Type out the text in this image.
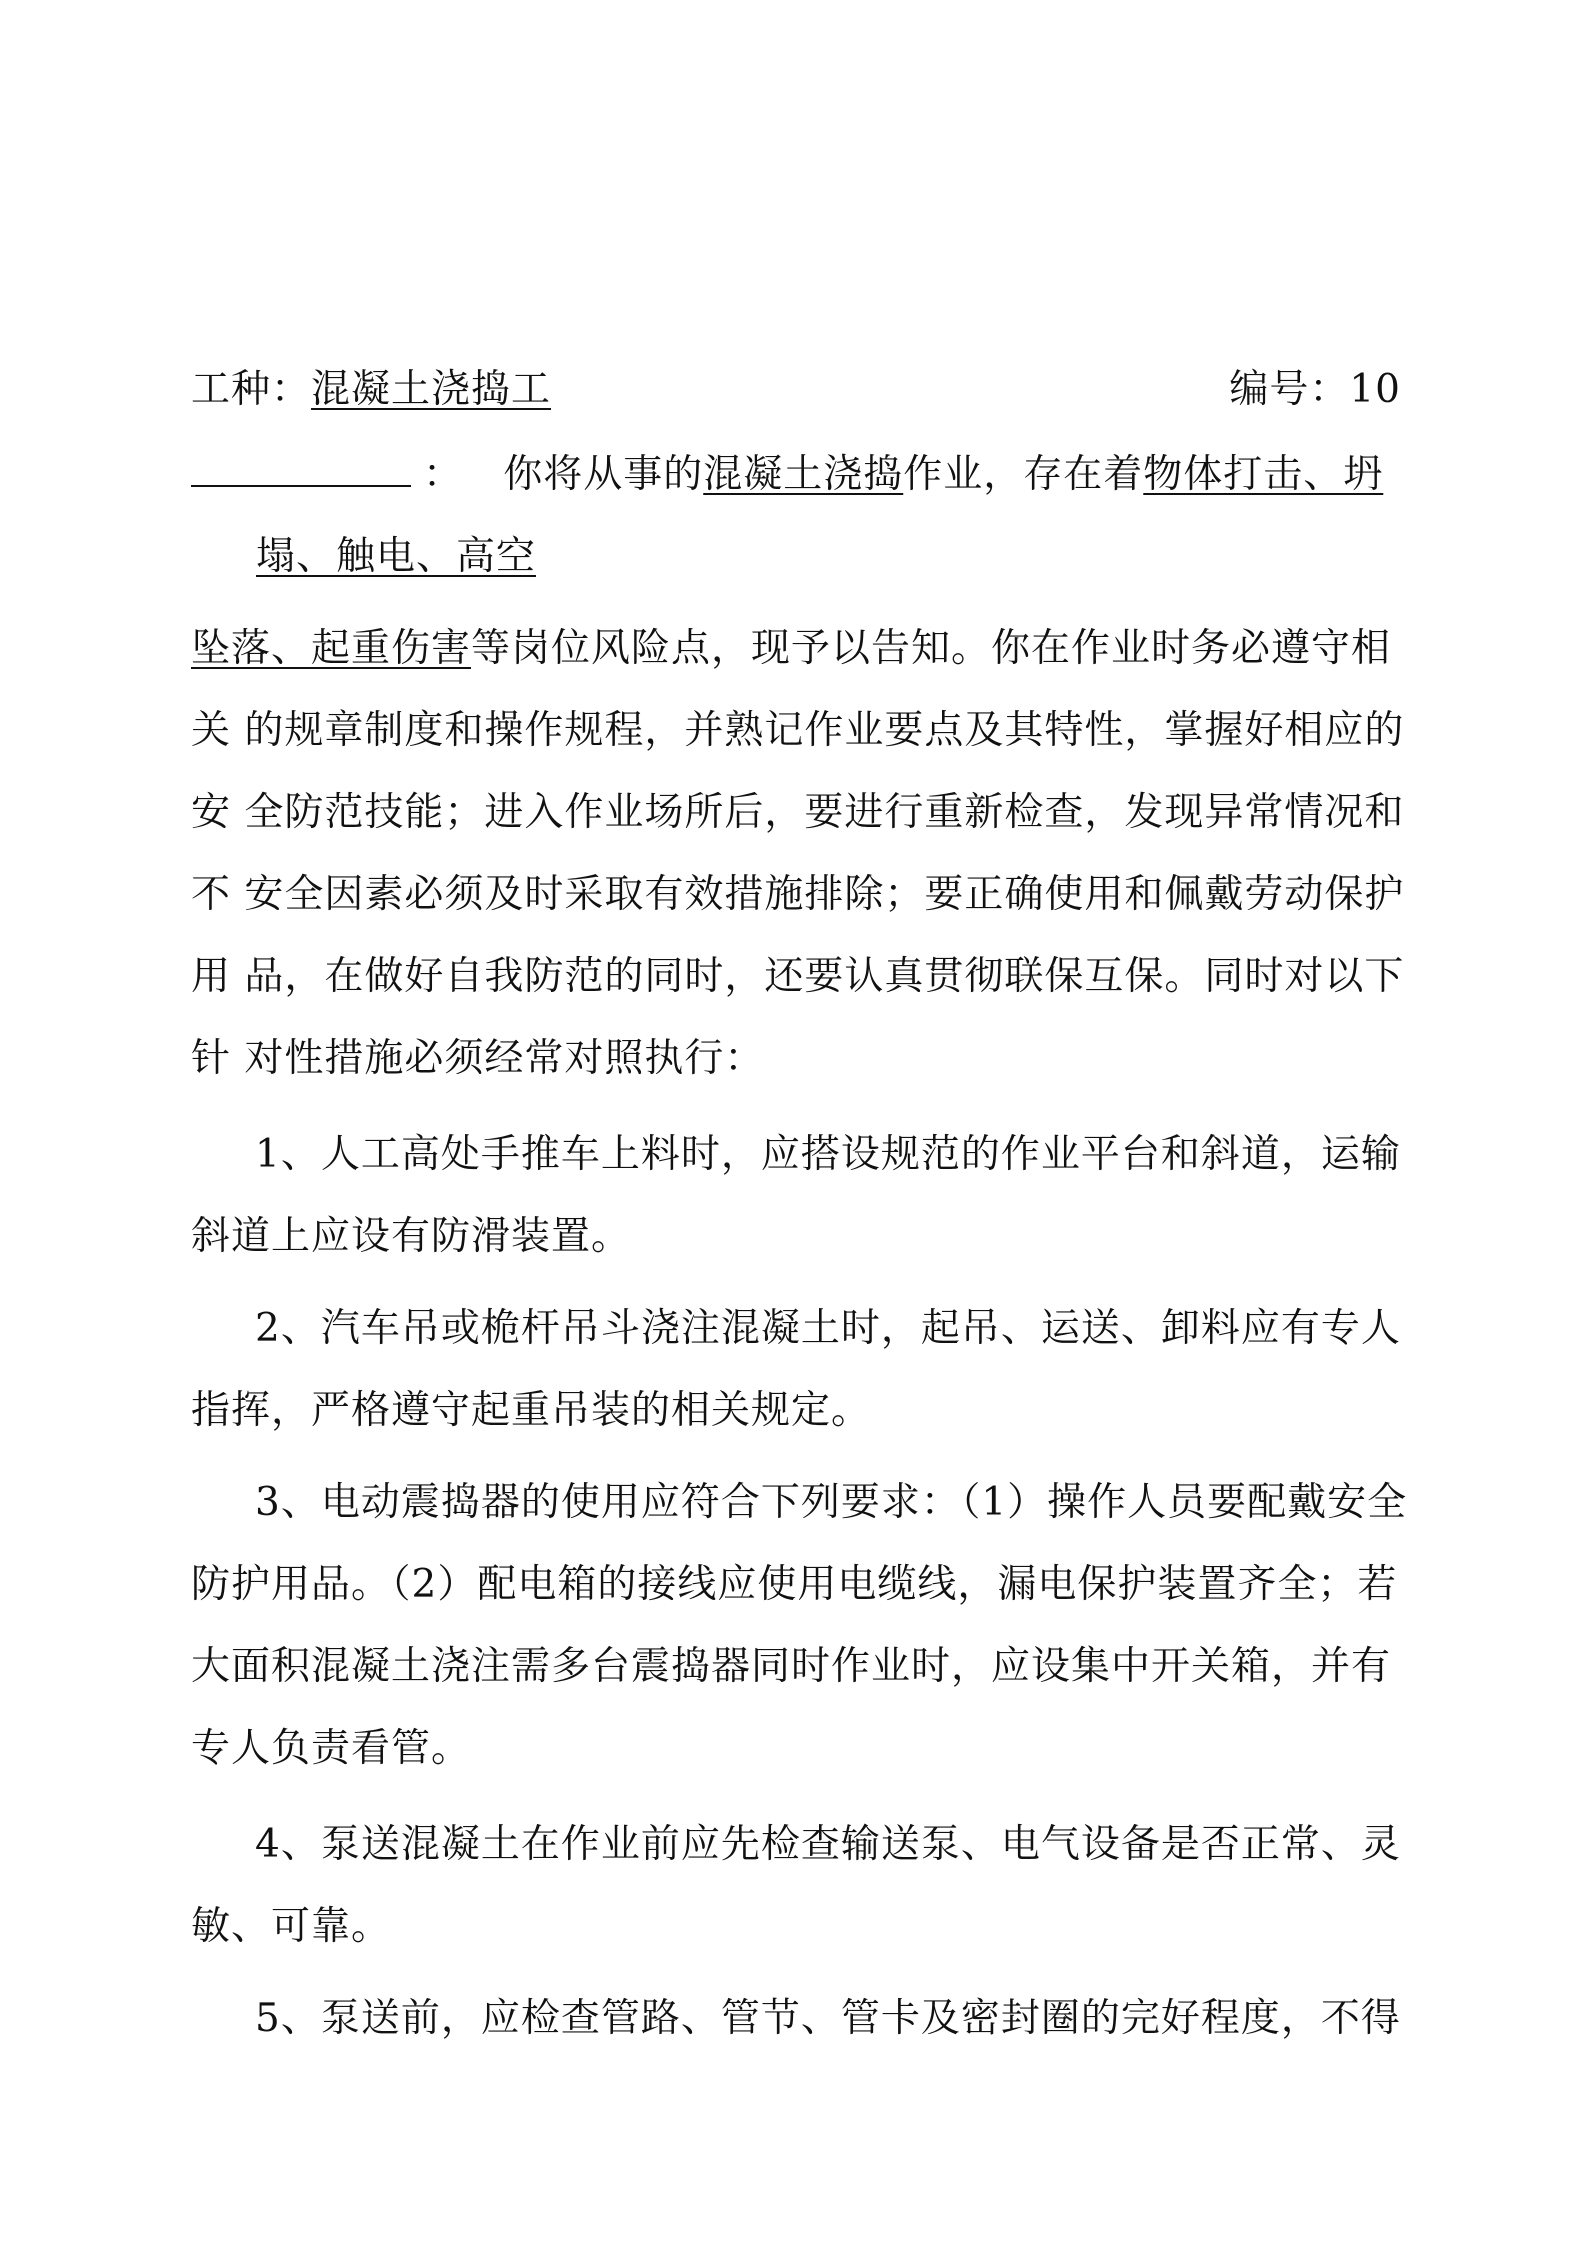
工种：混凝土浇捣工	编号：10
： 你将从事的混凝土浇捣作业，存在着物体打击、坍
塌、触电、高空
坠落、起重伤害等岗位风险点，现予以告知。你在作业时务必遵守相
关 的规章制度和操作规程，并熟记作业要点及其特性，掌握好相应的
安 全防范技能；进入作业场所后，要进行重新检查，发现异常情况和
不 安全因素必须及时采取有效措施排除；要正确使用和佩戴劳动保护
用 品，在做好自我防范的同时，还要认真贯彻联保互保。同时对以下
针 对性措施必须经常对照执行：
1、人工高处手推车上料时，应搭设规范的作业平台和斜道，运输
斜道上应设有防滑装置。
2、汽车吊或桅杆吊斗浇注混凝土时，起吊、运送、卸料应有专人
指挥，严格遵守起重吊装的相关规定。
3、电动震捣器的使用应符合下列要求：（1）操作人员要配戴安全
防护用品。（2）配电箱的接线应使用电缆线，漏电保护装置齐全；若
大面积混凝土浇注需多台震捣器同时作业时，应设集中开关箱，并有
专人负责看管。
4、泵送混凝土在作业前应先检查输送泵、电气设备是否正常、灵
敏、可靠。
5、泵送前，应检查管路、管节、管卡及密封圈的完好程度，不得
